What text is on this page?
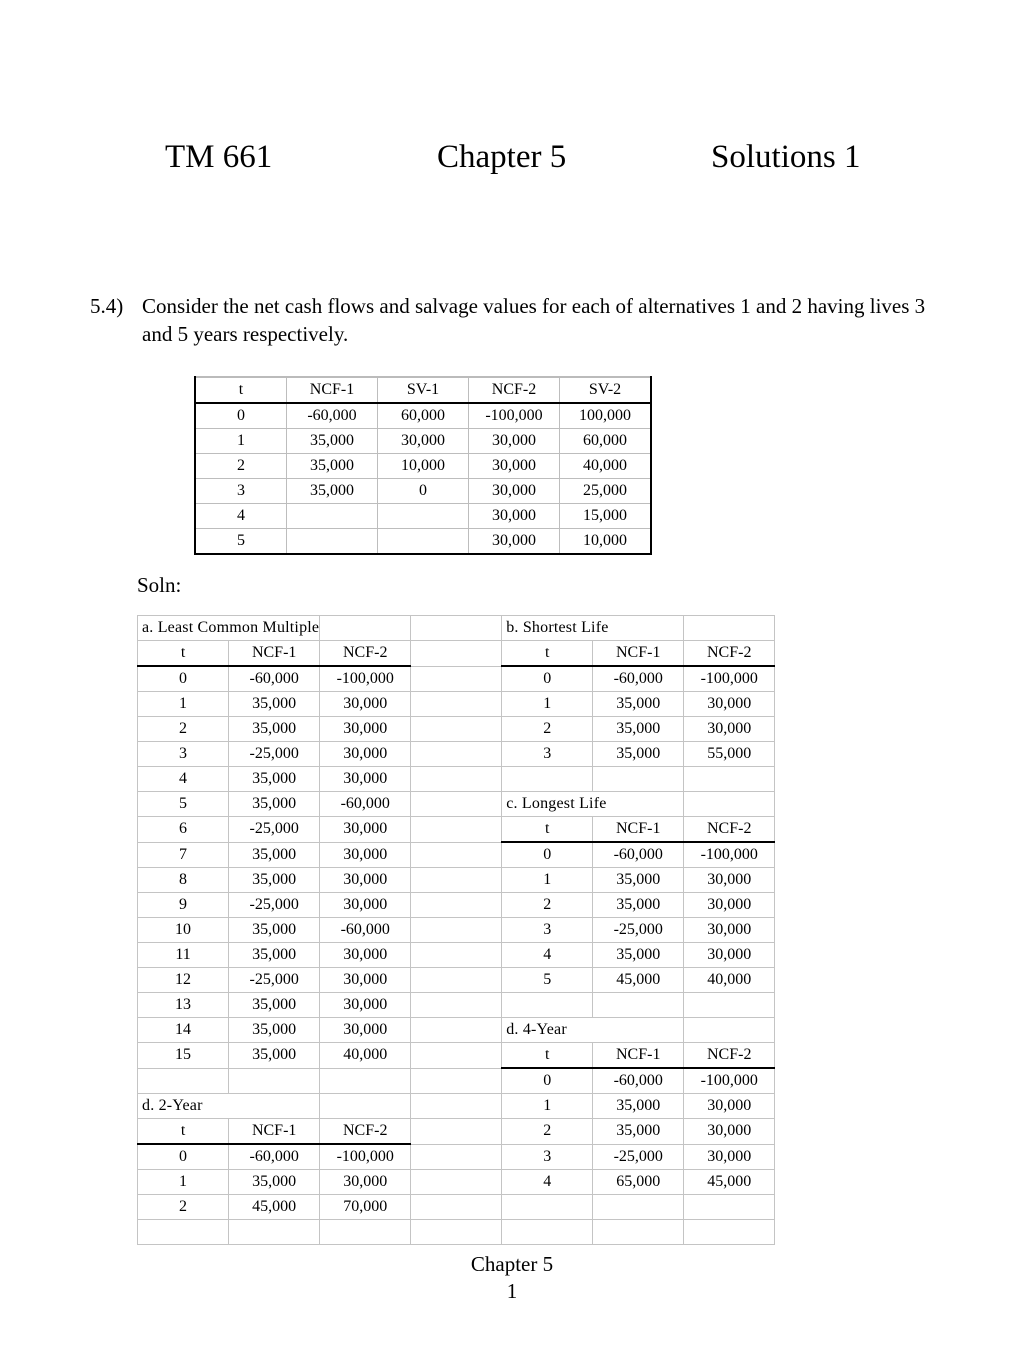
TM 661	Chapter 5	Solutions 1
5.4) Consider the net cash flows and salvage values for each of alternatives 1 and 2 having lives 3 and 5 years respectively.
t	NCF-1	SV-1	NCF-2	SV-2
0	-60,000	60,000	-100,000	100,000
1	35,000	30,000	30,000	60,000
2	35,000	10,000	30,000	40,000
3	35,000	0	30,000	25,000
4			30,000	15,000
5			30,000	10,000
Soln:
a. Least Common Multiple				b. Shortest Life		
t	NCF-1	NCF-2		t	NCF-1	NCF-2
0	-60,000	-100,000		0	-60,000	-100,000
1	35,000	30,000		1	35,000	30,000
2	35,000	30,000		2	35,000	30,000
3	-25,000	30,000		3	35,000	55,000
4	35,000	30,000				
5	35,000	-60,000		c. Longest Life		
6	-25,000	30,000		t	NCF-1	NCF-2
7	35,000	30,000		0	-60,000	-100,000
8	35,000	30,000		1	35,000	30,000
9	-25,000	30,000		2	35,000	30,000
10	35,000	-60,000		3	-25,000	30,000
11	35,000	30,000		4	35,000	30,000
12	-25,000	30,000		5	45,000	40,000
13	35,000	30,000				
14	35,000	30,000		d. 4-Year		
15	35,000	40,000		t	NCF-1	NCF-2
				0	-60,000	-100,000
d. 2-Year				1	35,000	30,000
t	NCF-1	NCF-2		2	35,000	30,000
0	-60,000	-100,000		3	-25,000	30,000
1	35,000	30,000		4	65,000	45,000
2	45,000	70,000				

Chapter 5
1
